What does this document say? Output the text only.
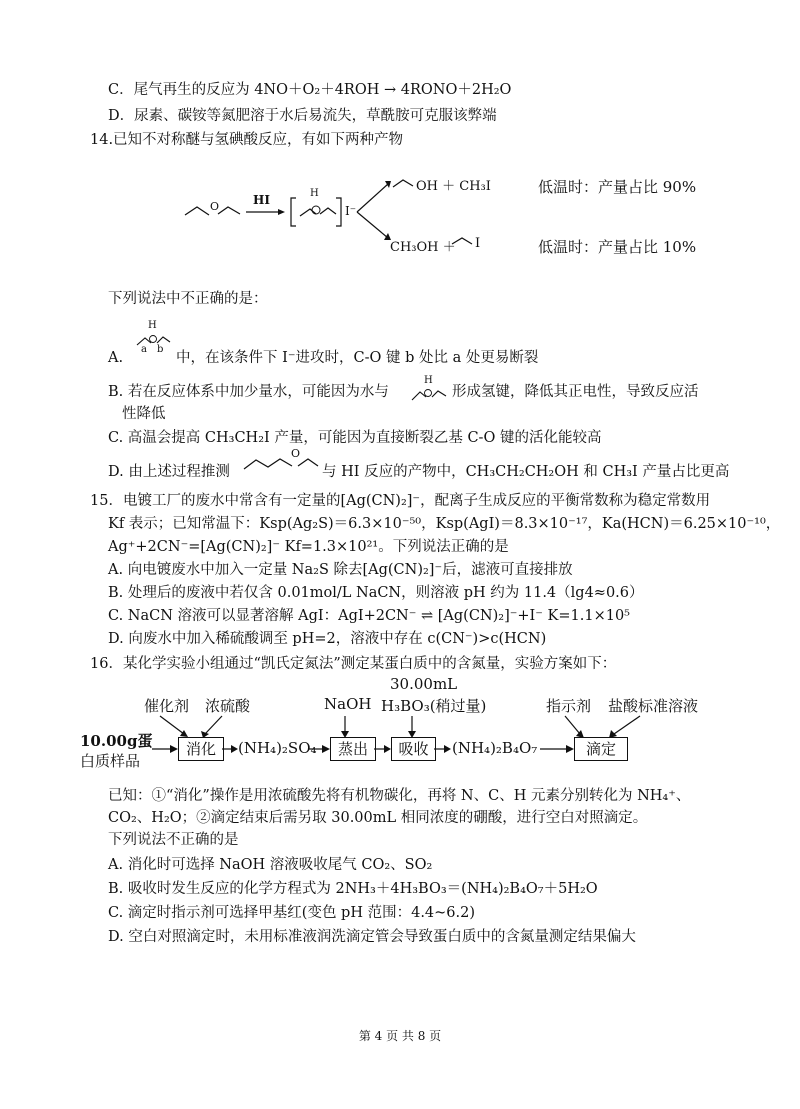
C．尾气再生的反应为 4NO＋O₂＋4ROH → 4RONO＋2H₂O
D．尿素、碳铵等氮肥溶于水后易流失，草酰胺可克服该弊端
14.已知不对称醚与氢碘酸反应，有如下两种产物
O	HI	H
I⁻
OH ＋ CH₃I
CH₃OH ＋ I
低温时：产量占比 90%
低温时：产量占比 10%
下列说法中不正确的是：
H
a b
A.	中，在该条件下 I⁻进攻时，C-O 键 b 处比 a 处更易断裂
H
B. 若在反应体系中加少量水，可能因为水与	形成氢键，降低其正电性，导致反应活
性降低
C. 高温会提高 CH₃CH₂I 产量，可能因为直接断裂乙基 C-O 键的活化能较高
O
D. 由上述过程推测	与 HI 反应的产物中，CH₃CH₂CH₂OH 和 CH₃I 产量占比更高
15．电镀工厂的废水中常含有一定量的[Ag(CN)₂]⁻，配离子生成反应的平衡常数称为稳定常数用
Kf 表示；已知常温下：Ksp(Ag₂S)＝6.3×10⁻⁵⁰，Ksp(AgI)＝8.3×10⁻¹⁷，Ka(HCN)＝6.25×10⁻¹⁰，
Ag⁺+2CN⁻=[Ag(CN)₂]⁻ Kf=1.3×10²¹。下列说法正确的是
A. 向电镀废水中加入一定量 Na₂S 除去[Ag(CN)₂]⁻后，滤液可直接排放
B. 处理后的废液中若仅含 0.01mol/L NaCN，则溶液 pH 约为 11.4（lg4≈0.6）
C. NaCN 溶液可以显著溶解 AgI：AgI+2CN⁻ ⇌ [Ag(CN)₂]⁻+I⁻ K=1.1×10⁵
D. 向废水中加入稀硫酸调至 pH=2，溶液中存在 c(CN⁻)>c(HCN)
16．某化学实验小组通过“凯氏定氮法”测定某蛋白质中的含氮量，实验方案如下：
30.00mL
催化剂 浓硫酸	NaOH H₃BO₃(稍过量)	指示剂 盐酸标准溶液
10.00g蛋
白质样品
消化	(NH₄)₂SO₄	蒸出	吸收	(NH₄)₂B₄O₇	滴定
已知：①“消化”操作是用浓硫酸先将有机物碳化，再将 N、C、H 元素分别转化为 NH₄⁺、
CO₂、H₂O；②滴定结束后需另取 30.00mL 相同浓度的硼酸，进行空白对照滴定。
下列说法不正确的是
A. 消化时可选择 NaOH 溶液吸收尾气 CO₂、SO₂
B. 吸收时发生反应的化学方程式为 2NH₃＋4H₃BO₃＝(NH₄)₂B₄O₇＋5H₂O
C. 滴定时指示剂可选择甲基红(变色 pH 范围：4.4~6.2)
D. 空白对照滴定时，未用标准液润洗滴定管会导致蛋白质中的含氮量测定结果偏大
第 4 页 共 8 页
